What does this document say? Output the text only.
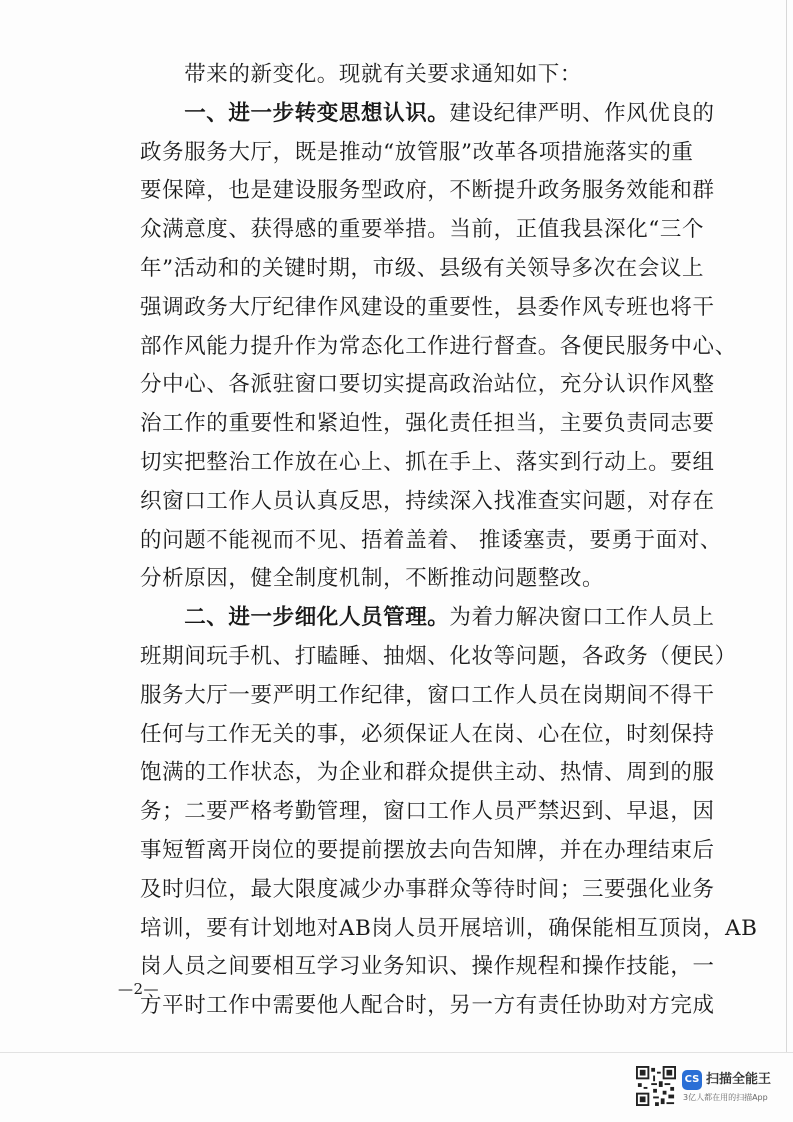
　　带来的新变化。现就有关要求通知如下：
　　一、进一步转变思想认识。建设纪律严明、作风优良的
政务服务大厅，既是推动“放管服”改革各项措施落实的重
要保障，也是建设服务型政府，不断提升政务服务效能和群
众满意度、获得感的重要举措。当前，正值我县深化“三个
年”活动和的关键时期，市级、县级有关领导多次在会议上
强调政务大厅纪律作风建设的重要性，县委作风专班也将干
部作风能力提升作为常态化工作进行督查。各便民服务中心、
分中心、各派驻窗口要切实提高政治站位，充分认识作风整
治工作的重要性和紧迫性，强化责任担当，主要负责同志要
切实把整治工作放在心上、抓在手上、落实到行动上。要组
织窗口工作人员认真反思，持续深入找准查实问题，对存在
的问题不能视而不见、捂着盖着、 推诿塞责，要勇于面对、
分析原因，健全制度机制，不断推动问题整改。
　　二、进一步细化人员管理。为着力解决窗口工作人员上
班期间玩手机、打瞌睡、抽烟、化妆等问题，各政务（便民）
服务大厅一要严明工作纪律，窗口工作人员在岗期间不得干
任何与工作无关的事，必须保证人在岗、心在位，时刻保持
饱满的工作状态，为企业和群众提供主动、热情、周到的服
务；二要严格考勤管理，窗口工作人员严禁迟到、早退，因
事短暂离开岗位的要提前摆放去向告知牌，并在办理结束后
及时归位，最大限度减少办事群众等待时间；三要强化业务
培训，要有计划地对AB岗人员开展培训，确保能相互顶岗，AB
岗人员之间要相互学习业务知识、操作规程和操作技能，一
方平时工作中需要他人配合时，另一方有责任协助对方完成
—2—
CS 扫描全能王
3亿人都在用的扫描App
